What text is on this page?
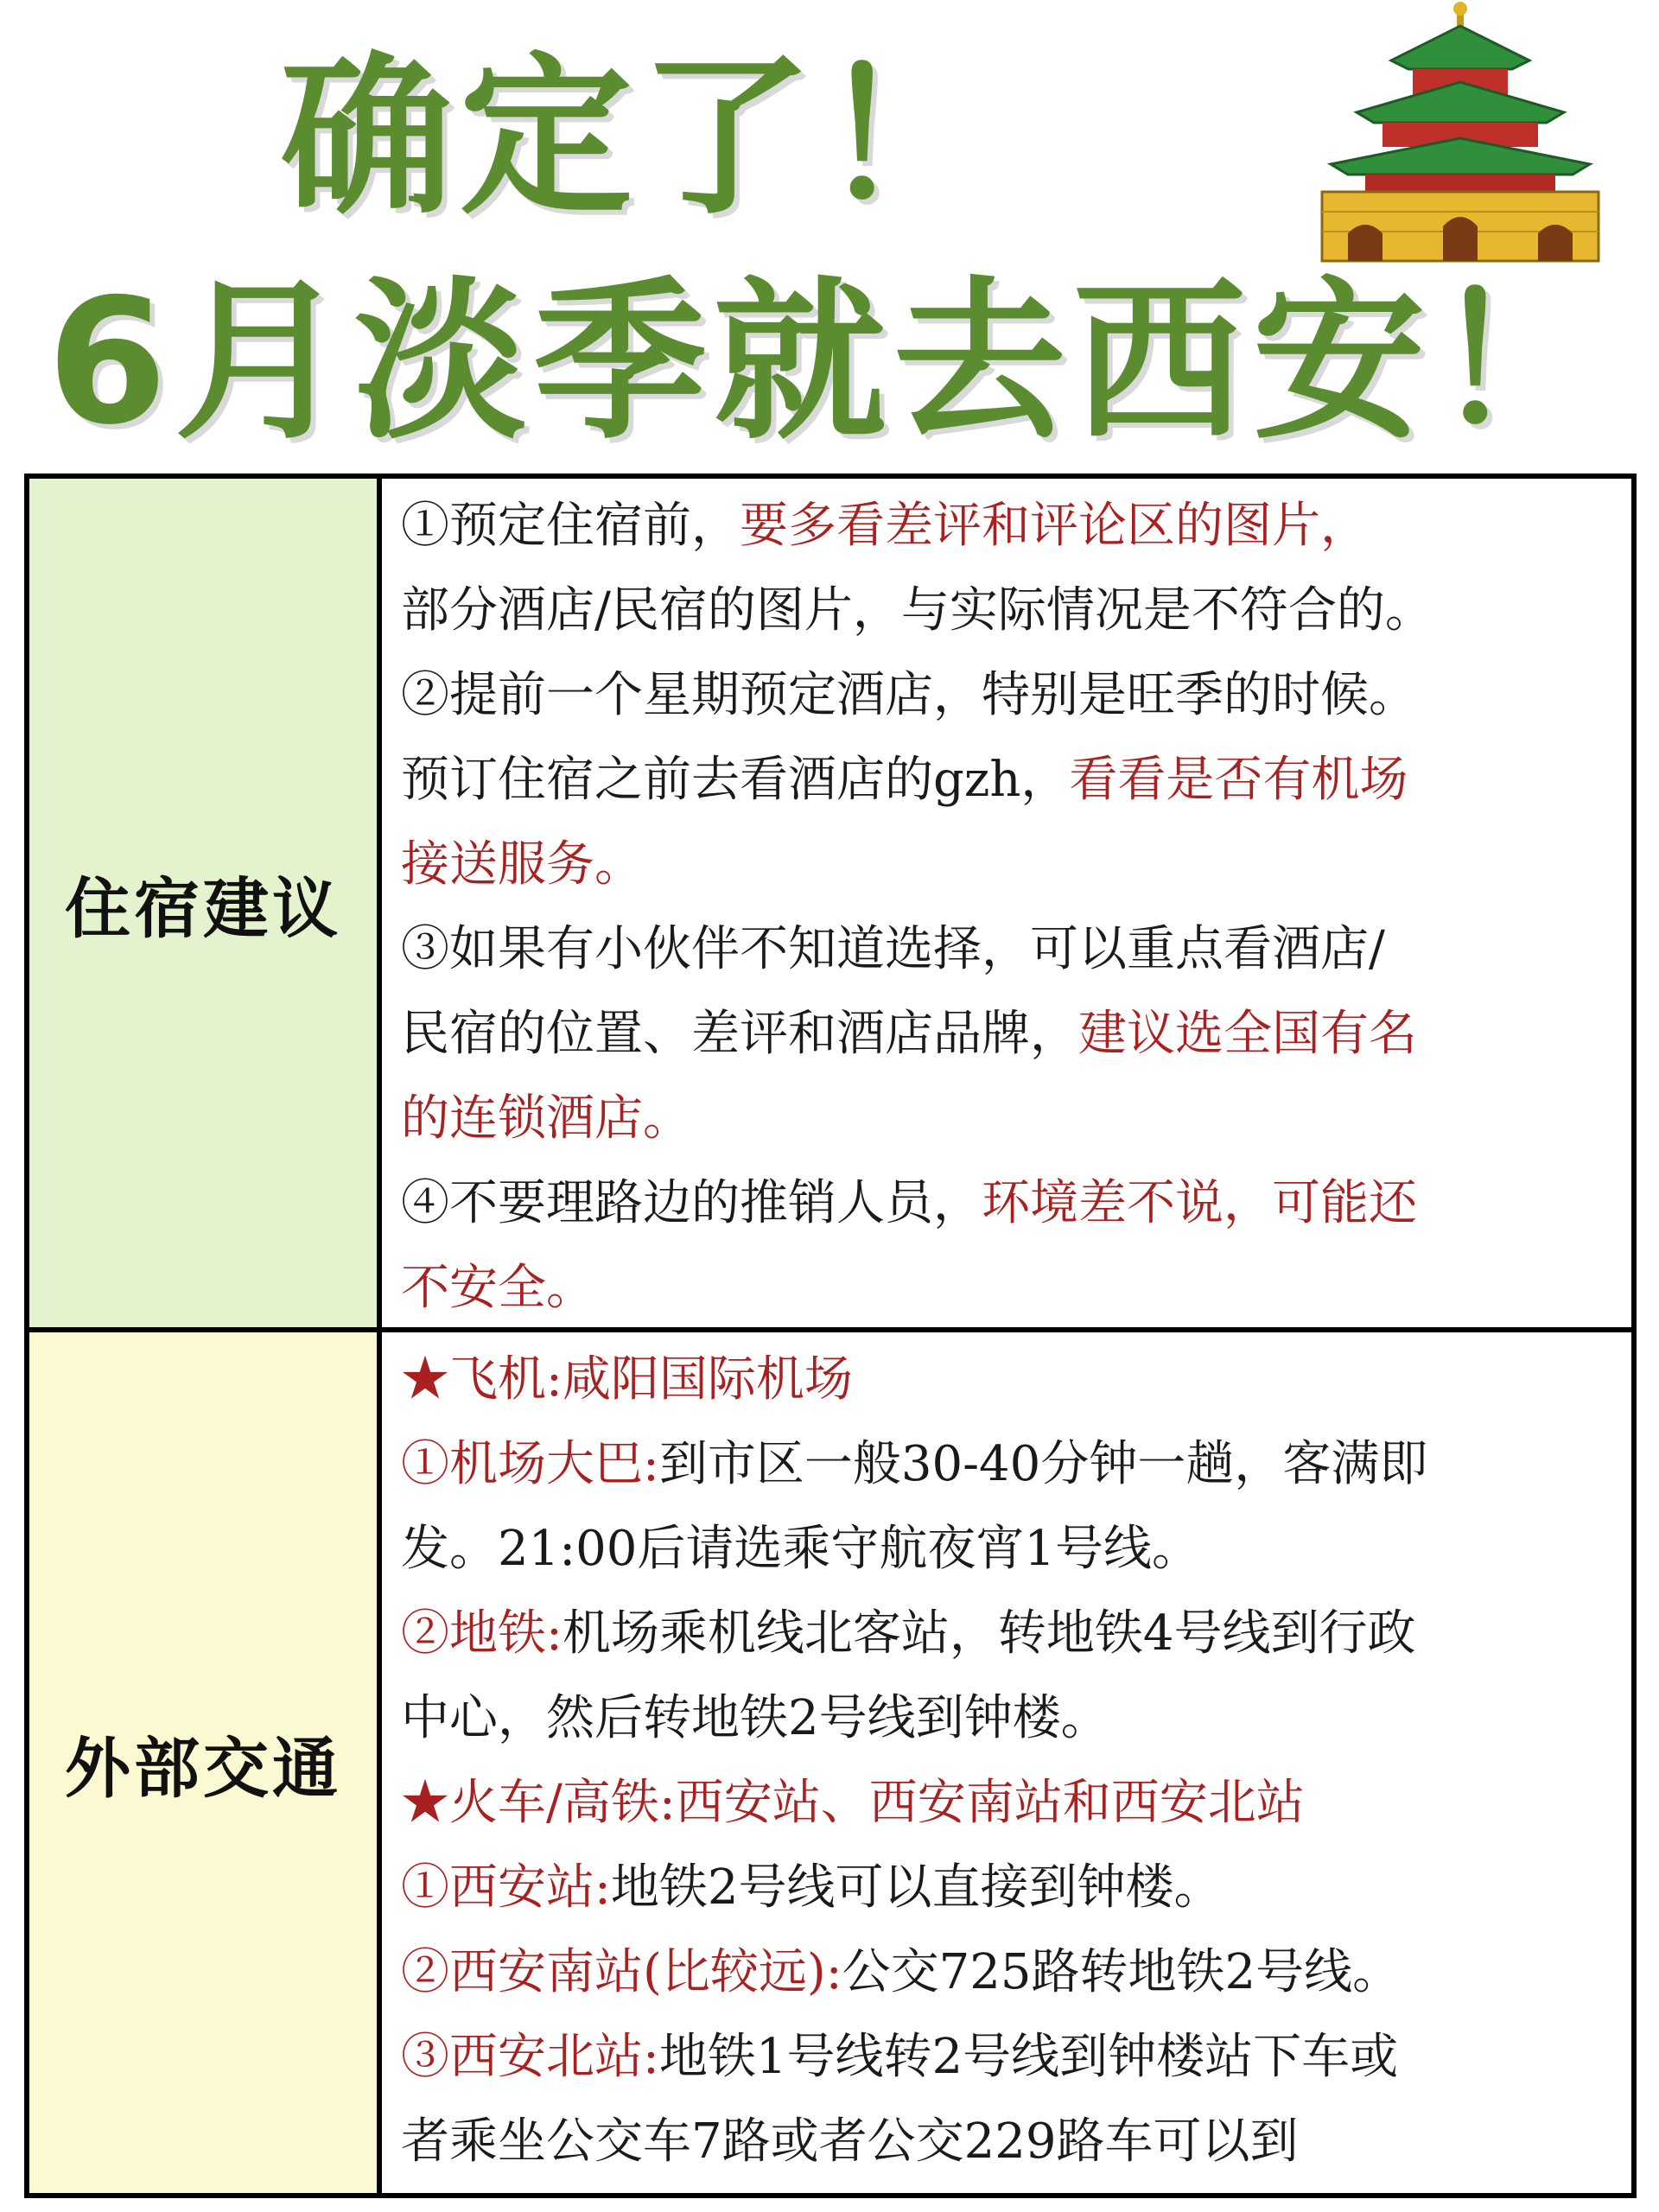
确定了！
6月淡季就去西安！
住宿建议

①预定住宿前，要多看差评和评论区的图片，

部分酒店/民宿的图片，与实际情况是不符合的。

②提前一个星期预定酒店，特别是旺季的时候。

预订住宿之前去看酒店的gzh，看看是否有机场

接送服务。

③如果有小伙伴不知道选择，可以重点看酒店/

民宿的位置、差评和酒店品牌，建议选全国有名

的连锁酒店。

④不要理路边的推销人员，环境差不说，可能还

不安全。

外部交通

★飞机:咸阳国际机场

①机场大巴:到市区一般30-40分钟一趟，客满即

发。21:00后请选乘守航夜宵1号线。

②地铁:机场乘机线北客站，转地铁4号线到行政

中心，然后转地铁2号线到钟楼。

★火车/高铁:西安站、西安南站和西安北站

①西安站:地铁2号线可以直接到钟楼。

②西安南站(比较远):公交725路转地铁2号线。

③西安北站:地铁1号线转2号线到钟楼站下车或

者乘坐公交车7路或者公交229路车可以到
